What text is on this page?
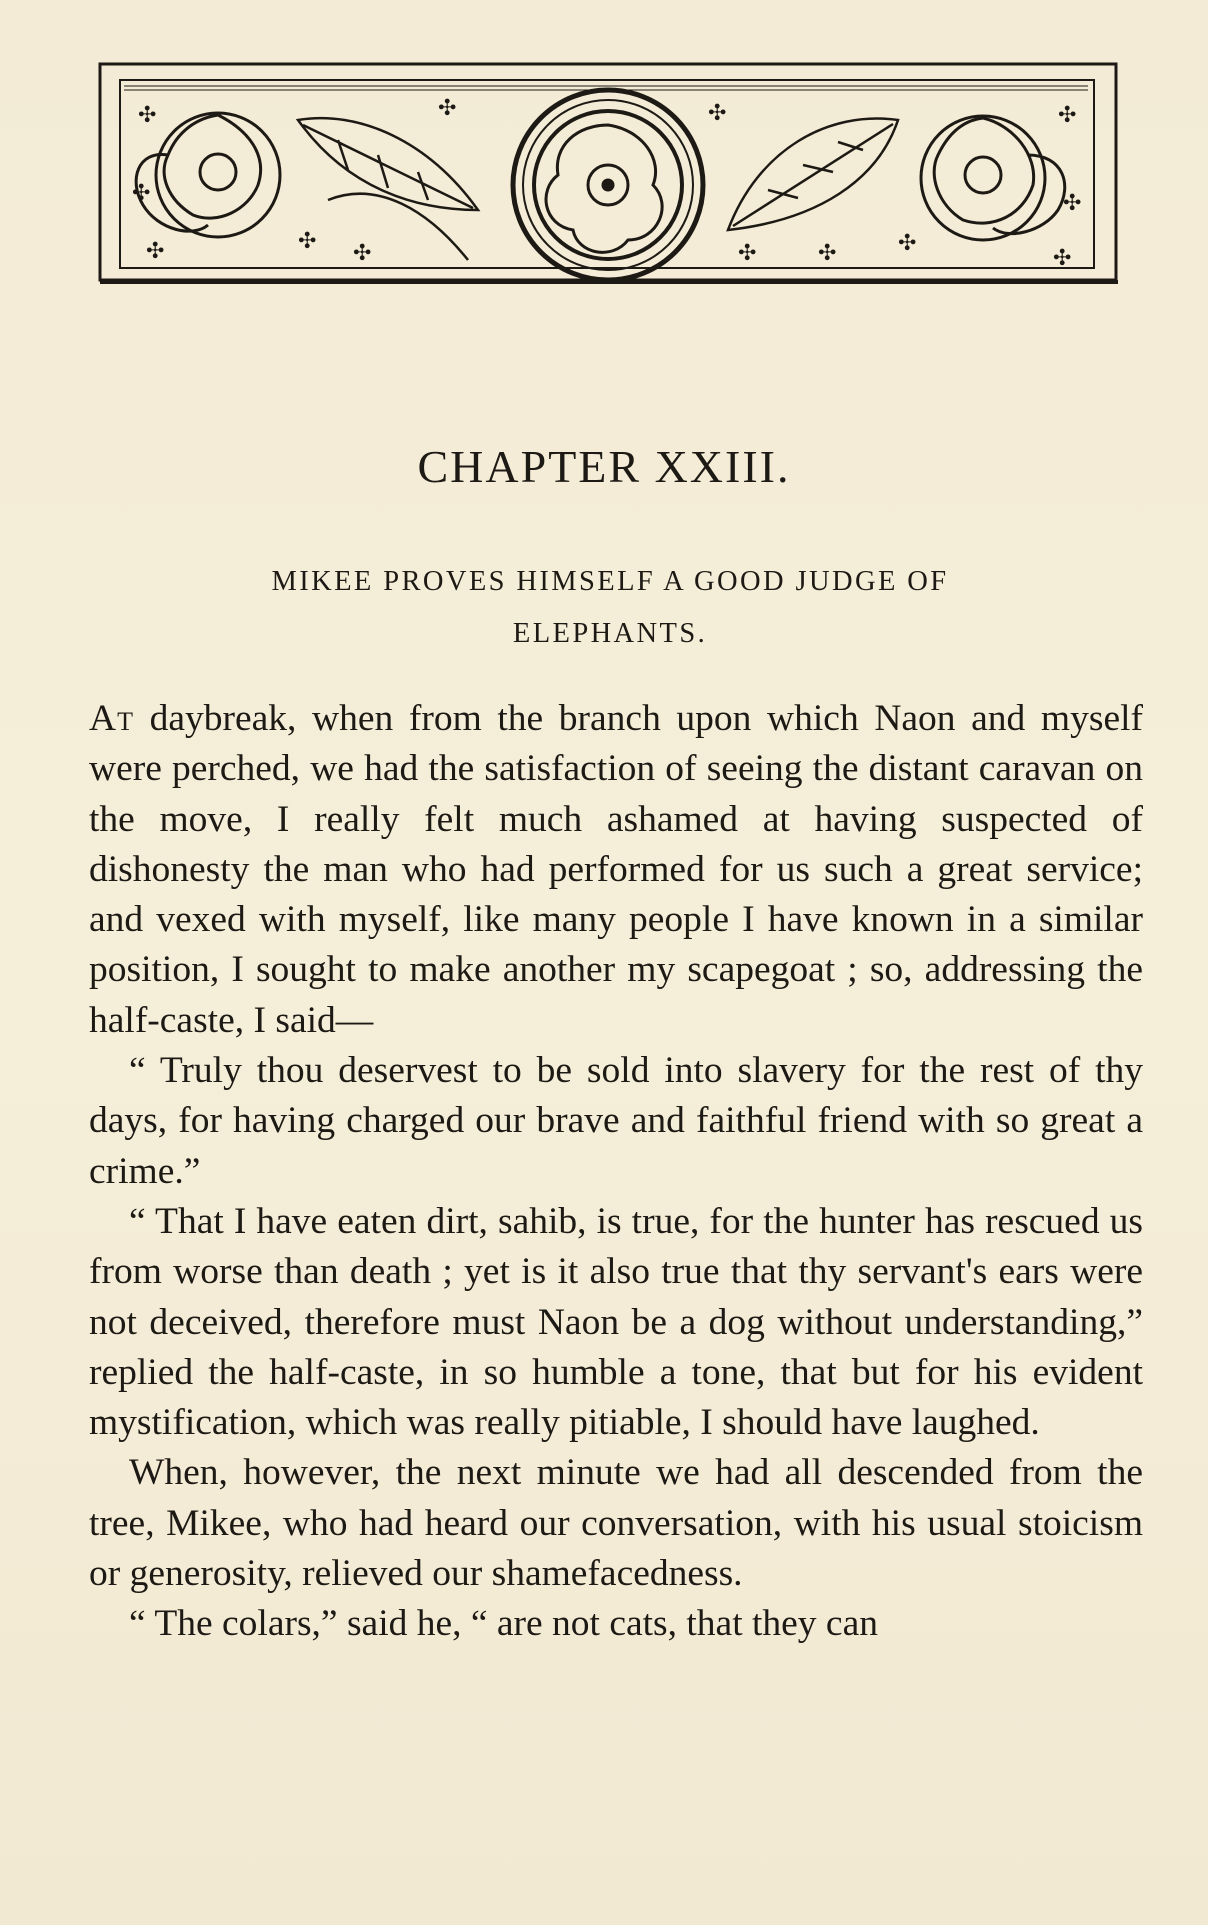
✣
✣
✣	✣ ✣
✣	✣
✣	✣	✣
✣
✣
✣
CHAPTER XXIII.
MIKEE PROVES HIMSELF A GOOD JUDGE OF
ELEPHANTS.

At daybreak, when from the branch upon which Naon and myself were perched, we had the satisfaction of seeing the distant caravan on the move, I really felt much ashamed at having suspected of dishonesty the man who had performed for us such a great service; and vexed with myself, like many people I have known in a similar position, I sought to make another my scapegoat ; so, addressing the half-caste, I said—

“ Truly thou deservest to be sold into slavery for the rest of thy days, for having charged our brave and faithful friend with so great a crime.”

“ That I have eaten dirt, sahib, is true, for the hunter has rescued us from worse than death ; yet is it also true that thy servant's ears were not deceived, therefore must Naon be a dog without understanding,” replied the half-caste, in so humble a tone, that but for his evident mystification, which was really pitiable, I should have laughed.

When, however, the next minute we had all descended from the tree, Mikee, who had heard our conversation, with his usual stoicism or generosity, relieved our shamefacedness.

“ The colars,” said he, “ are not cats, that they can
